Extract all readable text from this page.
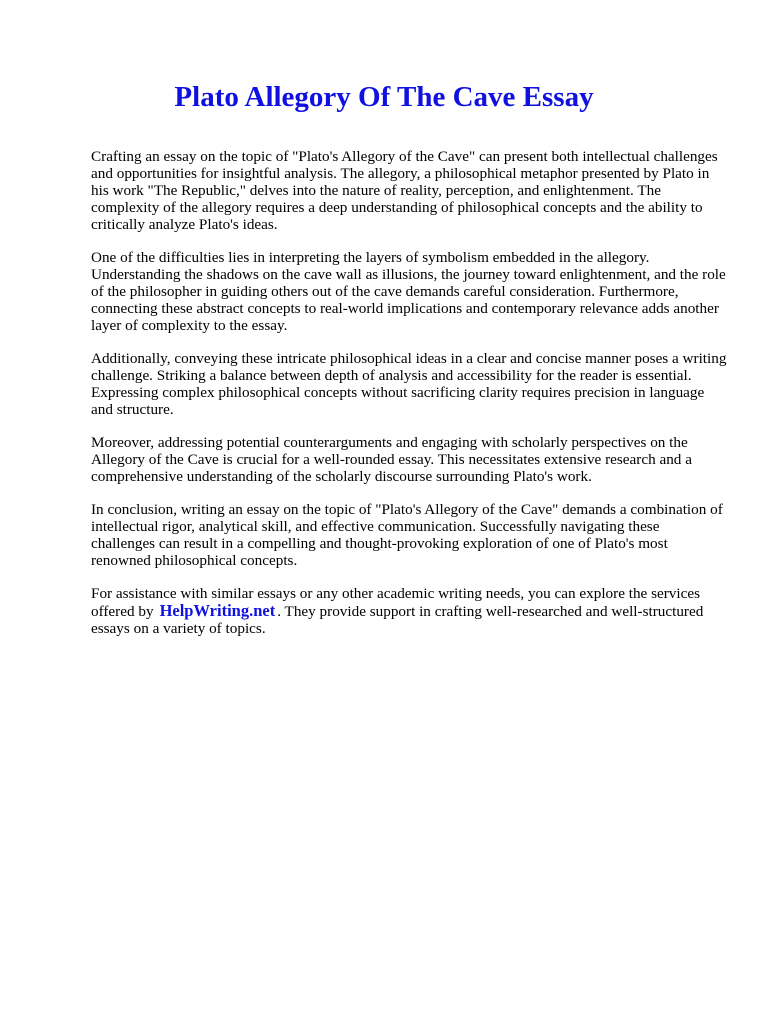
Plato Allegory Of The Cave Essay

Crafting an essay on the topic of "Plato's Allegory of the Cave" can present both intellectual challenges and opportunities for insightful analysis. The allegory, a philosophical metaphor presented by Plato in his work "The Republic," delves into the nature of reality, perception, and enlightenment. The complexity of the allegory requires a deep understanding of philosophical concepts and the ability to critically analyze Plato's ideas.

One of the difficulties lies in interpreting the layers of symbolism embedded in the allegory. Understanding the shadows on the cave wall as illusions, the journey toward enlightenment, and the role of the philosopher in guiding others out of the cave demands careful consideration. Furthermore, connecting these abstract concepts to real-world implications and contemporary relevance adds another layer of complexity to the essay.

Additionally, conveying these intricate philosophical ideas in a clear and concise manner poses a writing challenge. Striking a balance between depth of analysis and accessibility for the reader is essential. Expressing complex philosophical concepts without sacrificing clarity requires precision in language and structure.

Moreover, addressing potential counterarguments and engaging with scholarly perspectives on the Allegory of the Cave is crucial for a well-rounded essay. This necessitates extensive research and a comprehensive understanding of the scholarly discourse surrounding Plato's work.

In conclusion, writing an essay on the topic of "Plato's Allegory of the Cave" demands a combination of intellectual rigor, analytical skill, and effective communication. Successfully navigating these challenges can result in a compelling and thought-provoking exploration of one of Plato's most renowned philosophical concepts.

For assistance with similar essays or any other academic writing needs, you can explore the services offered by HelpWriting.net . They provide support in crafting well-researched and well-structured essays on a variety of topics.
